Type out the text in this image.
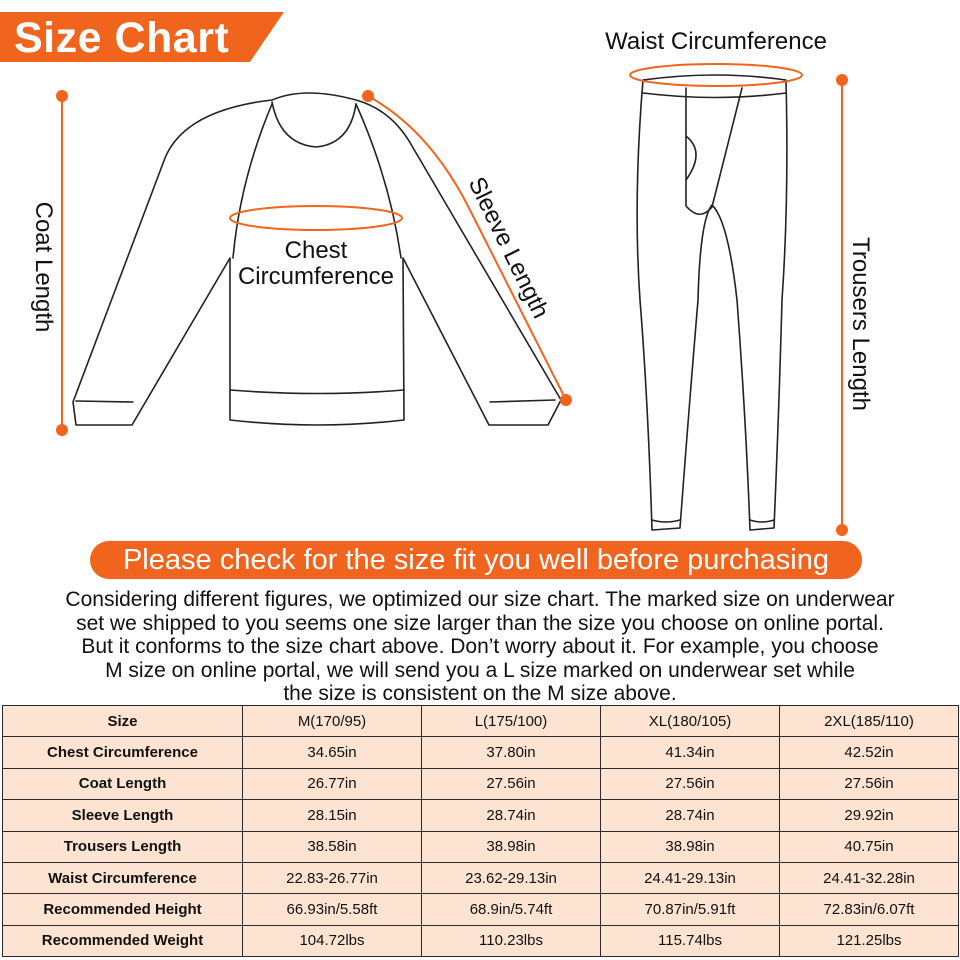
Size Chart
Coat Length	Chest
Circumference	Sleeve Length
Waist Circumference
Trousers Length
Please check for the size fit you well before purchasing
Considering different figures, we optimized our size chart. The marked size on underwear
set we shipped to you seems one size larger than the size you choose on online portal.
But it conforms to the size chart above. Don’t worry about it. For example, you choose
M size on online portal, we will send you a L size marked on underwear set while
the size is consistent on the M size above.
Size	M(170/95)	L(175/100)	XL(180/105)	2XL(185/110)
Chest Circumference	34.65in	37.80in	41.34in	42.52in
Coat Length	26.77in	27.56in	27.56in	27.56in
Sleeve Length	28.15in	28.74in	28.74in	29.92in
Trousers Length	38.58in	38.98in	38.98in	40.75in
Waist Circumference	22.83-26.77in	23.62-29.13in	24.41-29.13in	24.41-32.28in
Recommended Height	66.93in/5.58ft	68.9in/5.74ft	70.87in/5.91ft	72.83in/6.07ft
Recommended Weight	104.72lbs	110.23lbs	115.74lbs	121.25lbs
